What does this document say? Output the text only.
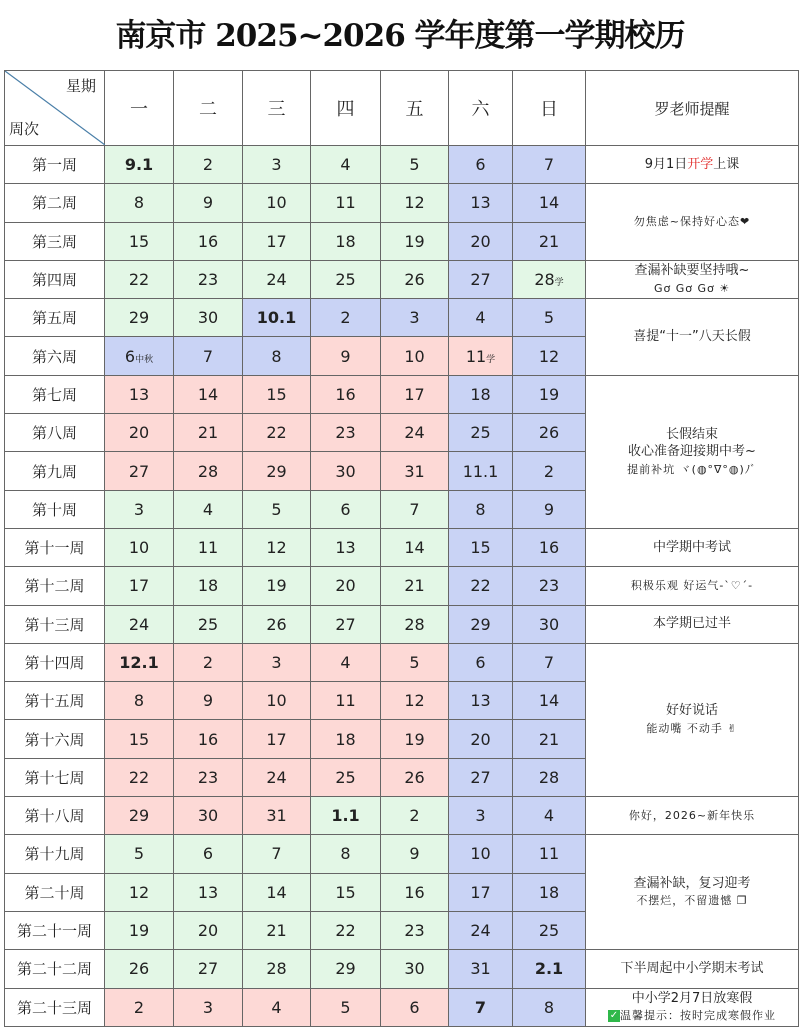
南京市 2025~2026 学年度第一学期校历
星期
周次	一	二	三	四	五	六	日	罗老师提醒
第一周	9.1	2	3	4	5	6	7	9月1日开学上课

第二周	8	9	10	11	12	13	14	勿焦虑~保持好心态❤

第三周	15	16	17	18	19	20	21	
第四周	22	23	24	25	26	27	28学	查漏补缺要坚持哦~
Gơ Gơ Gơ ☀

第五周	29	30	10.1	2	3	4	5	喜提“十一”八天长假

第六周	6中秋	7	8	9	10	11学	12	
第七周	13	14	15	16	17	18	19	长假结束
收心准备迎接期中考~
提前补坑 ヾ(◍°∇°◍)ﾉﾞ

第八周	20	21	22	23	24	25	26	
第九周	27	28	29	30	31	11.1	2	
第十周	3	4	5	6	7	8	9	
第十一周	10	11	12	13	14	15	16	中学期中考试

第十二周	17	18	19	20	21	22	23	积极乐观 好运气-`♡´-

第十三周	24	25	26	27	28	29	30	本学期已过半

第十四周	12.1	2	3	4	5	6	7	好好说话
能动嘴 不动手 ✌

第十五周	8	9	10	11	12	13	14	
第十六周	15	16	17	18	19	20	21	
第十七周	22	23	24	25	26	27	28	
第十八周	29	30	31	1.1	2	3	4	你好，2026~新年快乐

第十九周	5	6	7	8	9	10	11	查漏补缺，复习迎考
不摆烂，不留遗憾 ❐

第二十周	12	13	14	15	16	17	18	
第二十一周	19	20	21	22	23	24	25	
第二十二周	26	27	28	29	30	31	2.1	下半周起中小学期末考试

第二十三周	2	3	4	5	6	7	8	中小学2月7日放寒假
✓ 温馨提示：按时完成寒假作业
